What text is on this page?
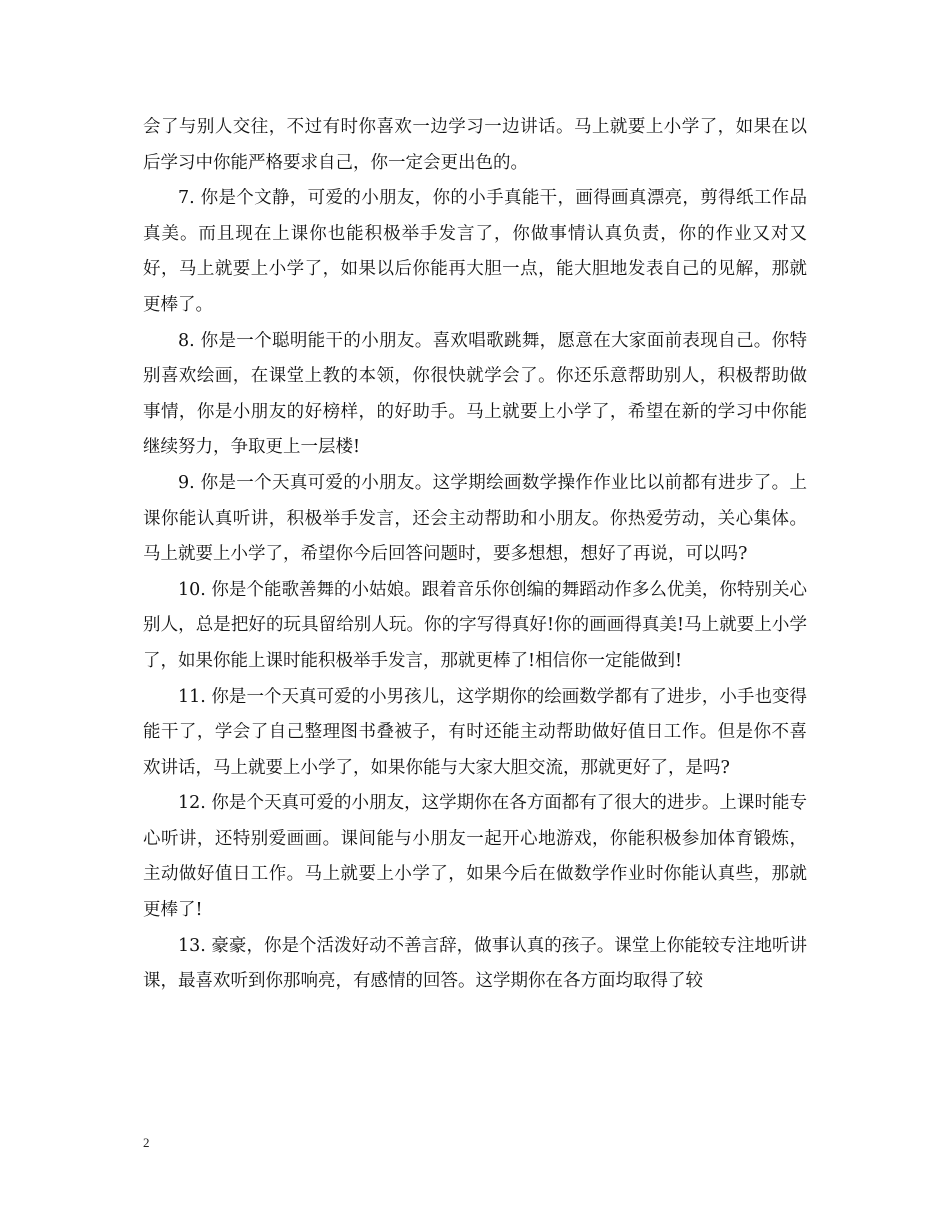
会了与别人交往，不过有时你喜欢一边学习一边讲话。马上就要上小学了，如果在以后学习中你能严格要求自己，你一定会更出色的。

7. 你是个文静，可爱的小朋友，你的小手真能干，画得画真漂亮，剪得纸工作品真美。而且现在上课你也能积极举手发言了，你做事情认真负责，你的作业又对又好，马上就要上小学了，如果以后你能再大胆一点，能大胆地发表自己的见解，那就更棒了。

8. 你是一个聪明能干的小朋友。喜欢唱歌跳舞，愿意在大家面前表现自己。你特别喜欢绘画，在课堂上教的本领，你很快就学会了。你还乐意帮助别人，积极帮助做事情，你是小朋友的好榜样，的好助手。马上就要上小学了，希望在新的学习中你能继续努力，争取更上一层楼!

9. 你是一个天真可爱的小朋友。这学期绘画数学操作作业比以前都有进步了。上课你能认真听讲，积极举手发言，还会主动帮助和小朋友。你热爱劳动，关心集体。马上就要上小学了，希望你今后回答问题时，要多想想，想好了再说，可以吗?

10. 你是个能歌善舞的小姑娘。跟着音乐你创编的舞蹈动作多么优美，你特别关心别人，总是把好的玩具留给别人玩。你的字写得真好!你的画画得真美!马上就要上小学了，如果你能上课时能积极举手发言，那就更棒了!相信你一定能做到!

11. 你是一个天真可爱的小男孩儿，这学期你的绘画数学都有了进步，小手也变得能干了，学会了自己整理图书叠被子，有时还能主动帮助做好值日工作。但是你不喜欢讲话，马上就要上小学了，如果你能与大家大胆交流，那就更好了，是吗?

12. 你是个天真可爱的小朋友，这学期你在各方面都有了很大的进步。上课时能专心听讲，还特别爱画画。课间能与小朋友一起开心地游戏，你能积极参加体育锻炼，主动做好值日工作。马上就要上小学了，如果今后在做数学作业时你能认真些，那就更棒了!

13. 豪豪，你是个活泼好动不善言辞，做事认真的孩子。课堂上你能较专注地听讲课，最喜欢听到你那响亮，有感情的回答。这学期你在各方面均取得了较

2
